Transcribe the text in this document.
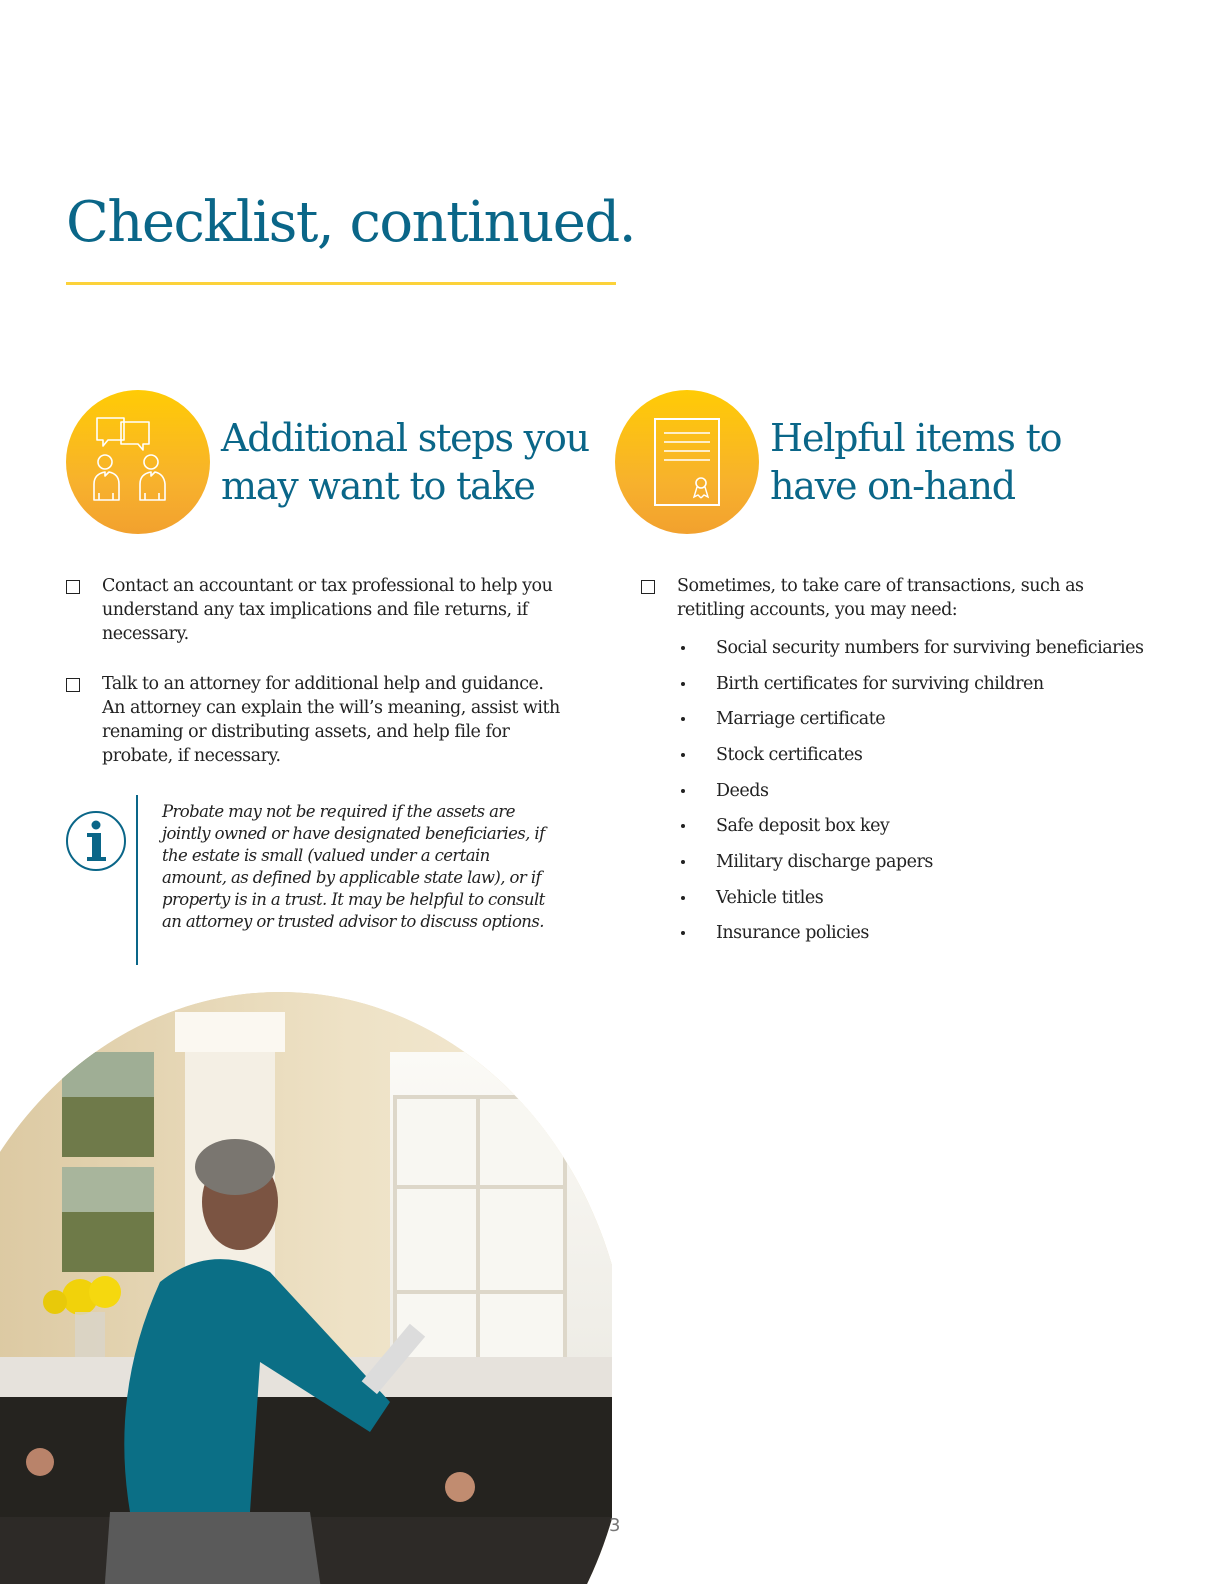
Checklist, continued.
Additional steps you
may want to take
Helpful items to
have on-hand
Contact an accountant or tax professional to help you understand any tax implications and file returns, if necessary.
Talk to an attorney for additional help and guidance. An attorney can explain the will’s meaning, assist with renaming or distributing assets, and help file for probate, if necessary.

Probate may not be required if the assets are jointly owned or have designated beneficiaries, if the estate is small (valued under a certain amount, as defined by applicable state law), or if property is in a trust. It may be helpful to consult an attorney or trusted advisor to discuss options.

Sometimes, to take care of transactions, such as retitling accounts, you may need:
Social security numbers for surviving beneficiaries
Birth certificates for surviving children
Marriage certificate
Stock certificates
Deeds
Safe deposit box key
Military discharge papers
Vehicle titles
Insurance policies
3
